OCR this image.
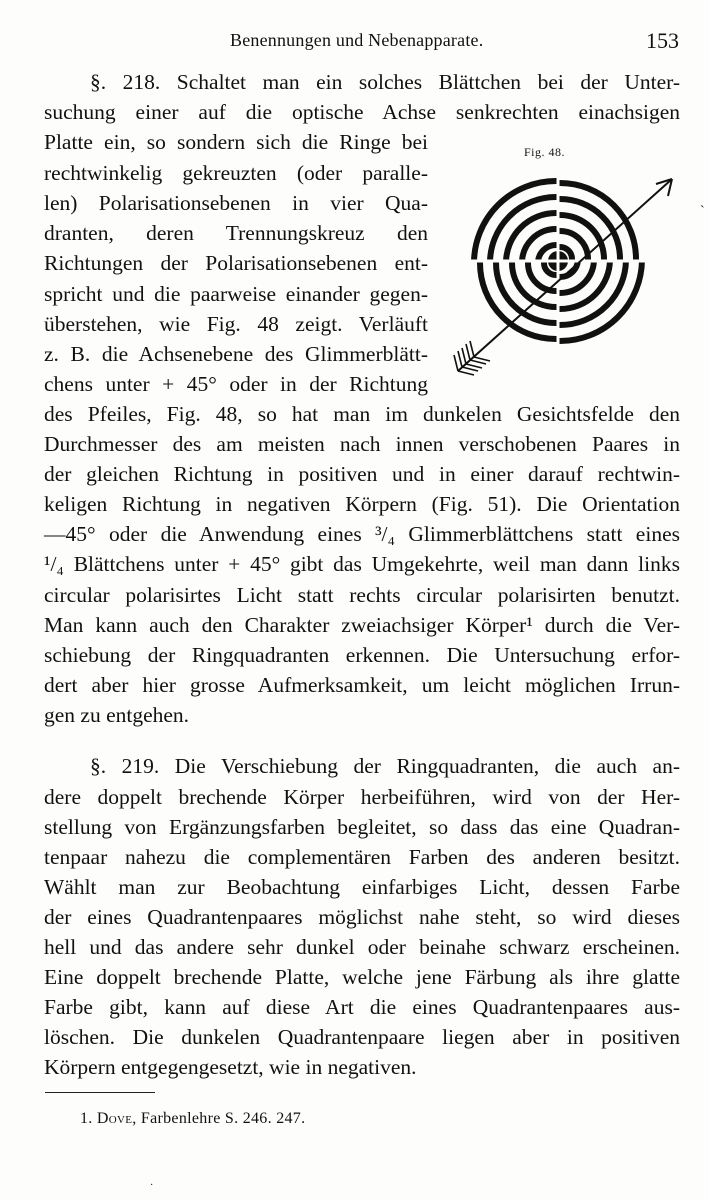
Benennungen und Nebenapparate.	153
§. 218. Schaltet man ein solches Blättchen bei der Unter-
suchung einer auf die optische Achse senkrechten einachsigen
Platte ein, so sondern sich die Ringe bei
rechtwinkelig gekreuzten (oder paralle-
len) Polarisationsebenen in vier Qua-
dranten, deren Trennungskreuz den
Richtungen der Polarisationsebenen ent-
spricht und die paarweise einander gegen-
überstehen, wie Fig. 48 zeigt. Verläuft
z. B. die Achsenebene des Glimmerblätt-
chens unter + 45° oder in der Richtung
des Pfeiles, Fig. 48, so hat man im dunkelen Gesichtsfelde den
Durchmesser des am meisten nach innen verschobenen Paares in
der gleichen Richtung in positiven und in einer darauf rechtwin-
keligen Richtung in negativen Körpern (Fig. 51). Die Orientation
—45° oder die Anwendung eines ³/₄ Glimmerblättchens statt eines
¹/₄ Blättchens unter + 45° gibt das Umgekehrte, weil man dann links
circular polarisirtes Licht statt rechts circular polarisirten benutzt.
Man kann auch den Charakter zweiachsiger Körper¹ durch die Ver-
schiebung der Ringquadranten erkennen. Die Untersuchung erfor-
dert aber hier grosse Aufmerksamkeit, um leicht möglichen Irrun-
gen zu entgehen.
§. 219. Die Verschiebung der Ringquadranten, die auch an-
dere doppelt brechende Körper herbeiführen, wird von der Her-
stellung von Ergänzungsfarben begleitet, so dass das eine Quadran-
tenpaar nahezu die complementären Farben des anderen besitzt.
Wählt man zur Beobachtung einfarbiges Licht, dessen Farbe
der eines Quadrantenpaares möglichst nahe steht, so wird dieses
hell und das andere sehr dunkel oder beinahe schwarz erscheinen.
Eine doppelt brechende Platte, welche jene Färbung als ihre glatte
Farbe gibt, kann auf diese Art die eines Quadrantenpaares aus-
löschen. Die dunkelen Quadrantenpaare liegen aber in positiven
Körpern entgegengesetzt, wie in negativen.
Fig. 48.
ˋ
1. Dove, Farbenlehre S. 246. 247.
·
